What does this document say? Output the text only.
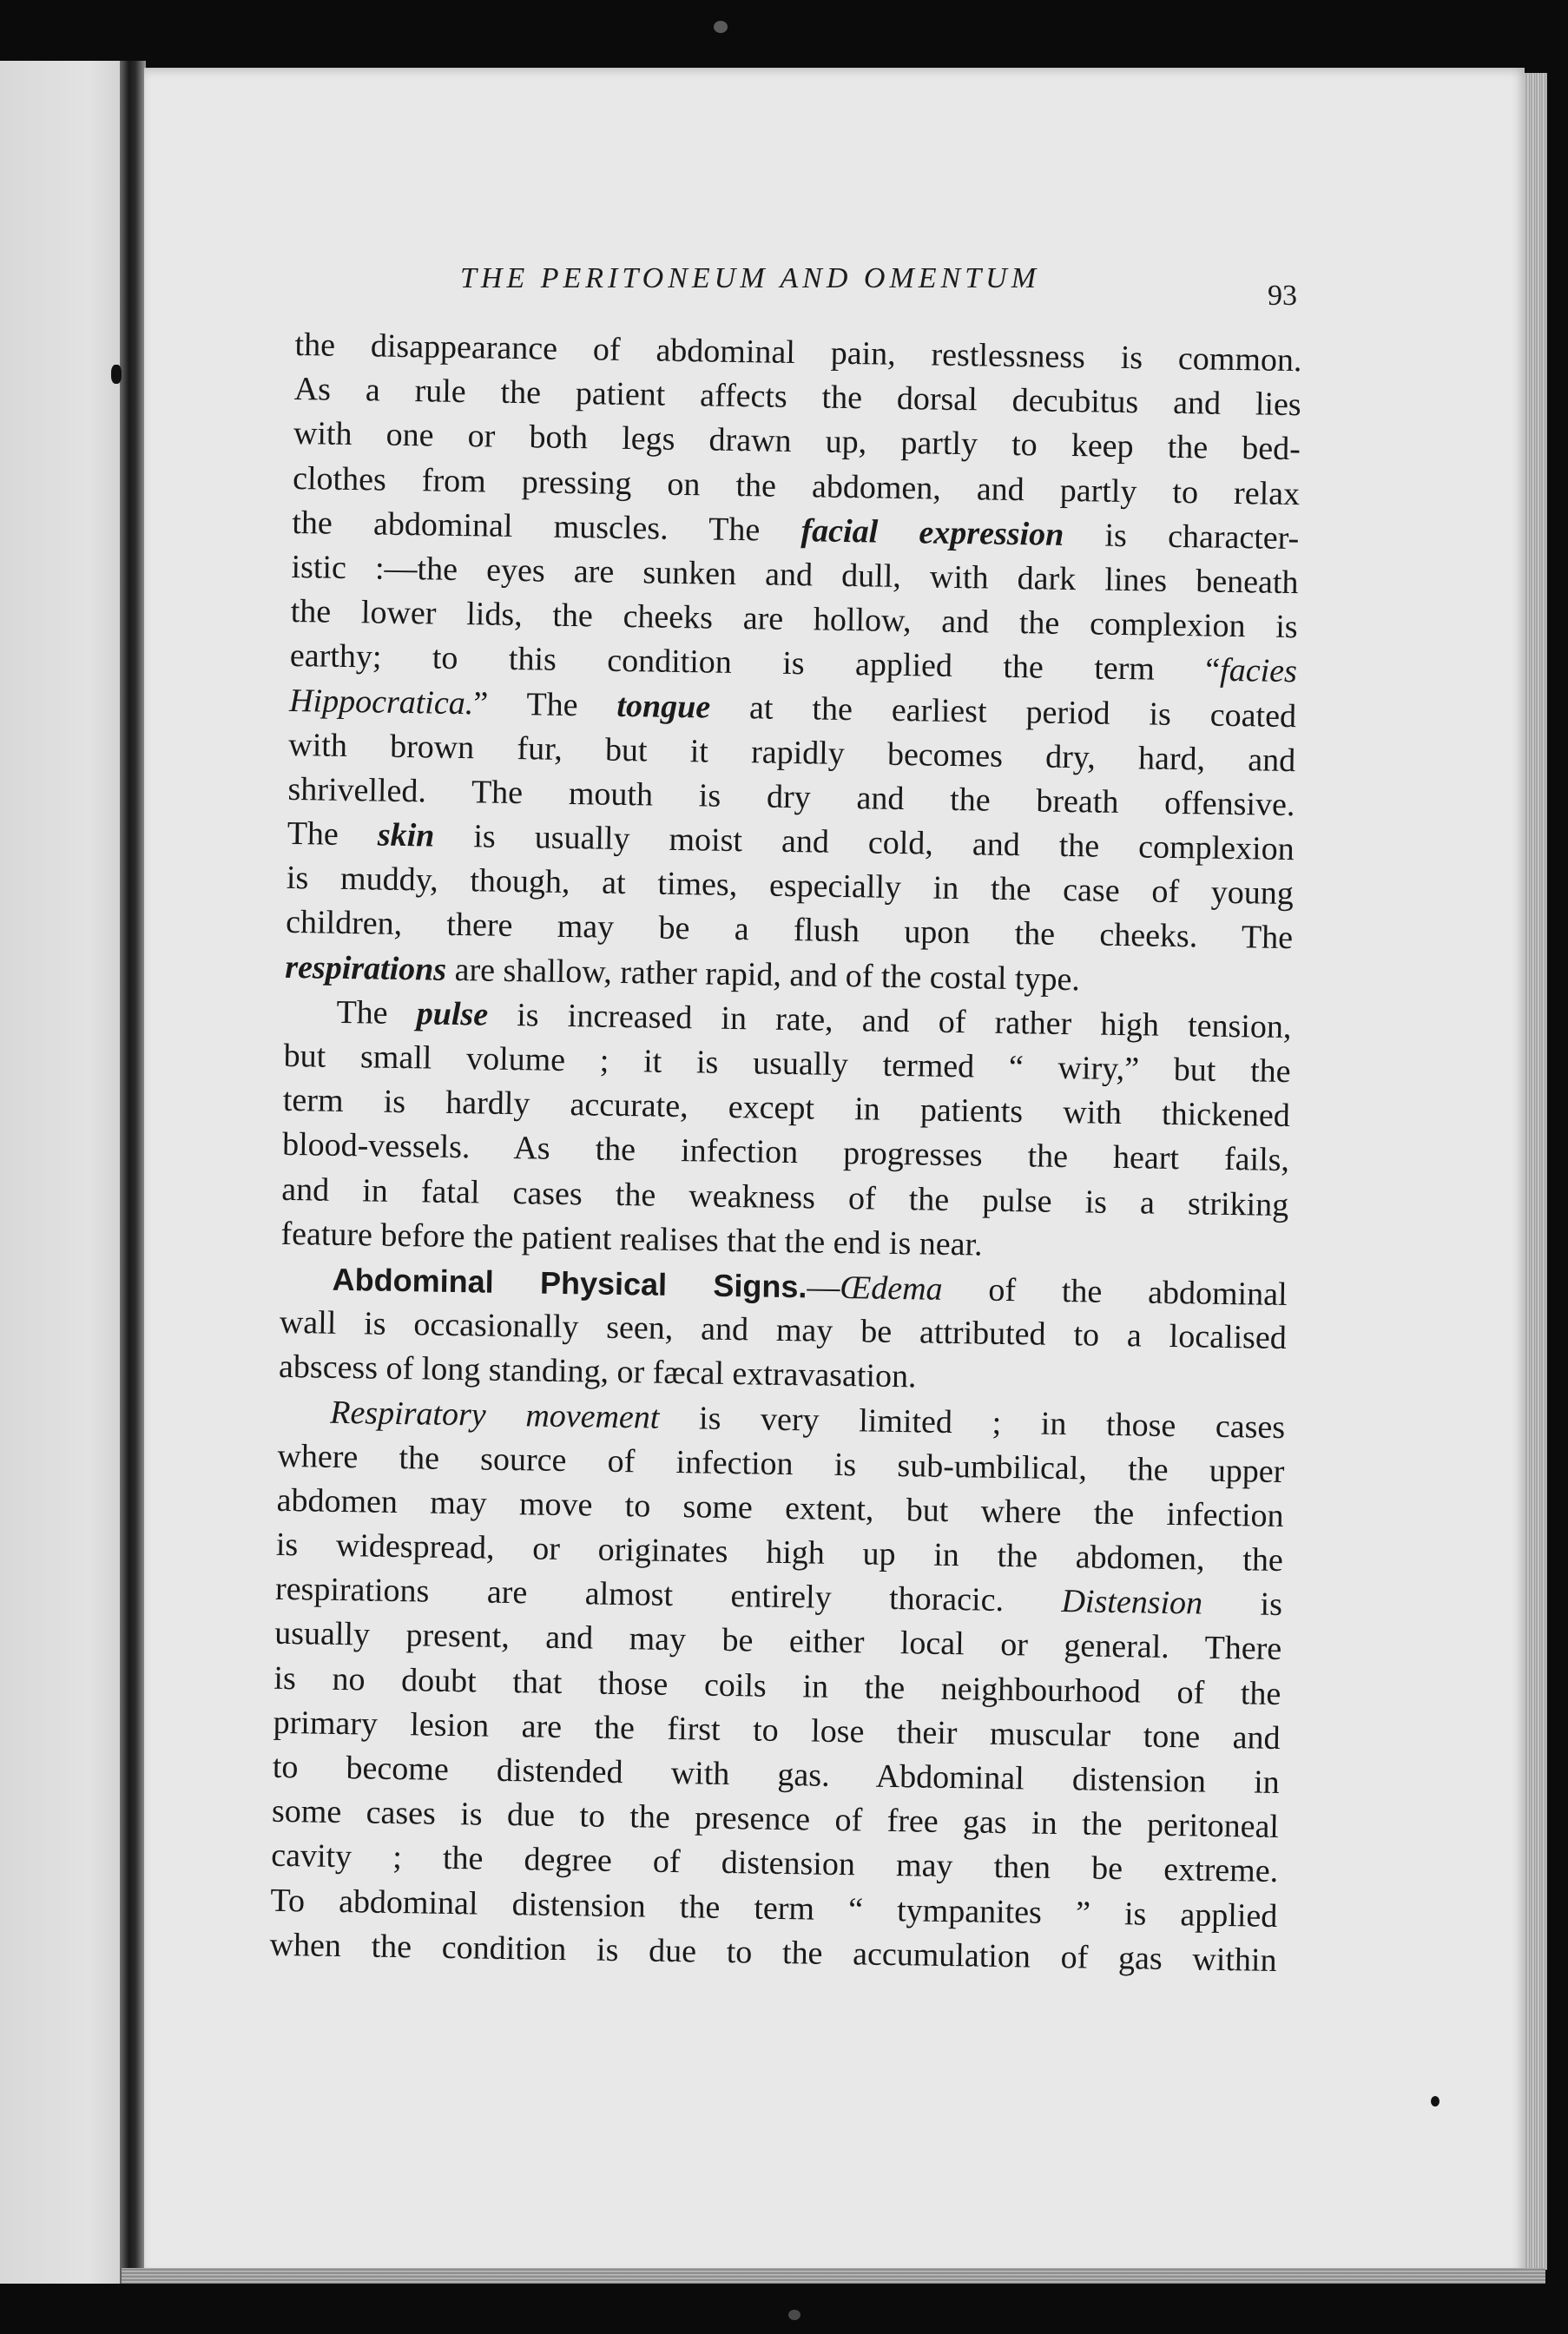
THE PERITONEUM AND OMENTUM
93
the disappearance of abdominal pain, restlessness is common.
As a rule the patient affects the dorsal decubitus and lies
with one or both legs drawn up, partly to keep the bed-
clothes from pressing on the abdomen, and partly to relax
the abdominal muscles. The facial expression is character-
istic :—the eyes are sunken and dull, with dark lines beneath
the lower lids, the cheeks are hollow, and the complexion is
earthy; to this condition is applied the term “facies
Hippocratica.” The tongue at the earliest period is coated
with brown fur, but it rapidly becomes dry, hard, and
shrivelled. The mouth is dry and the breath offensive.
The skin is usually moist and cold, and the complexion
is muddy, though, at times, especially in the case of young
children, there may be a flush upon the cheeks. The
respirations are shallow, rather rapid, and of the costal type.
The pulse is increased in rate, and of rather high tension,
but small volume ; it is usually termed “ wiry,” but the
term is hardly accurate, except in patients with thickened
blood-vessels. As the infection progresses the heart fails,
and in fatal cases the weakness of the pulse is a striking
feature before the patient realises that the end is near.
Abdominal Physical Signs.—Œdema of the abdominal
wall is occasionally seen, and may be attributed to a localised
abscess of long standing, or fæcal extravasation.
Respiratory movement is very limited ; in those cases
where the source of infection is sub-umbilical, the upper
abdomen may move to some extent, but where the infection
is widespread, or originates high up in the abdomen, the
respirations are almost entirely thoracic. Distension is
usually present, and may be either local or general. There
is no doubt that those coils in the neighbourhood of the
primary lesion are the first to lose their muscular tone and
to become distended with gas. Abdominal distension in
some cases is due to the presence of free gas in the peritoneal
cavity ; the degree of distension may then be extreme.
To abdominal distension the term “ tympanites ” is applied
when the condition is due to the accumulation of gas within
